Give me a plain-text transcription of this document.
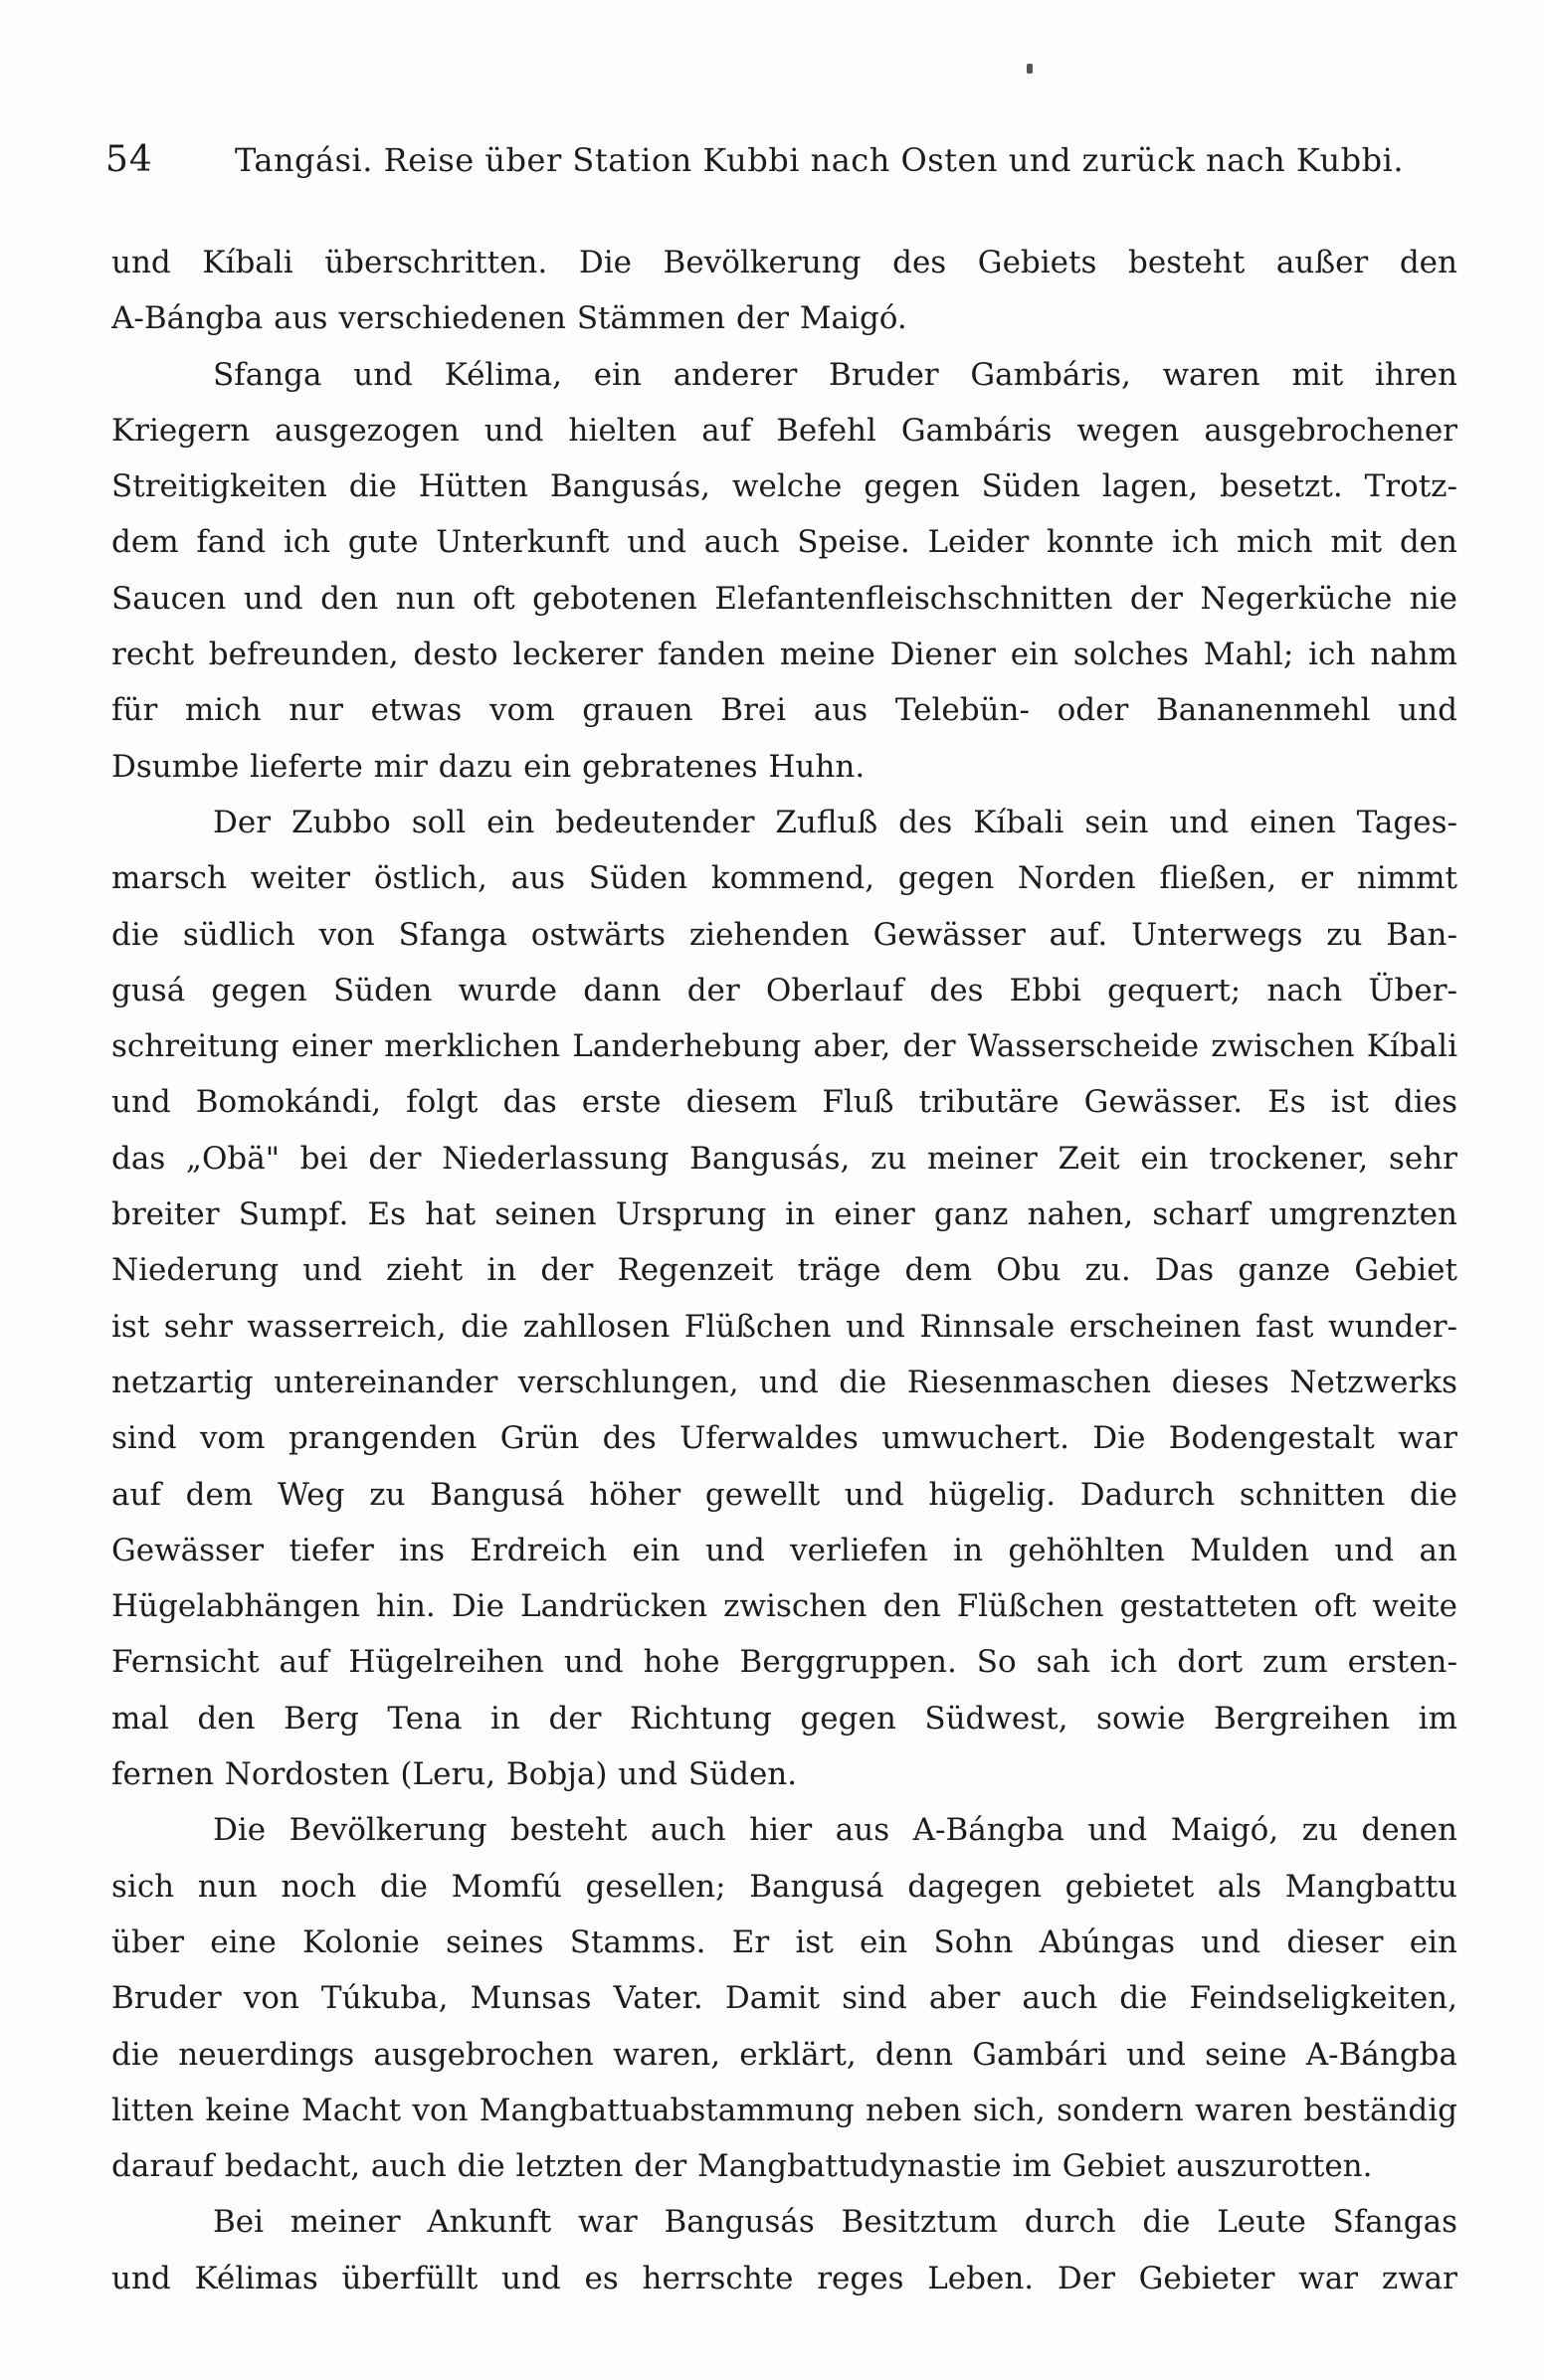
54	Tangási. Reise über Station Kubbi nach Osten und zurück nach Kubbi.
und Kíbali überschritten. Die Bevölkerung des Gebiets besteht außer den
A-Bángba aus verschiedenen Stämmen der Maigó.
Sfanga und Kélima, ein anderer Bruder Gambáris, waren mit ihren
Kriegern ausgezogen und hielten auf Befehl Gambáris wegen ausgebrochener
Streitigkeiten die Hütten Bangusás, welche gegen Süden lagen, besetzt. Trotz-
dem fand ich gute Unterkunft und auch Speise. Leider konnte ich mich mit den
Saucen und den nun oft gebotenen Elefantenfleischschnitten der Negerküche nie
recht befreunden, desto leckerer fanden meine Diener ein solches Mahl; ich nahm
für mich nur etwas vom grauen Brei aus Telebün- oder Bananenmehl und
Dsumbe lieferte mir dazu ein gebratenes Huhn.
Der Zubbo soll ein bedeutender Zufluß des Kíbali sein und einen Tages-
marsch weiter östlich, aus Süden kommend, gegen Norden fließen, er nimmt
die südlich von Sfanga ostwärts ziehenden Gewässer auf. Unterwegs zu Ban-
gusá gegen Süden wurde dann der Oberlauf des Ebbi gequert; nach Über-
schreitung einer merklichen Landerhebung aber, der Wasserscheide zwischen Kíbali
und Bomokándi, folgt das erste diesem Fluß tributäre Gewässer. Es ist dies
das „Obä" bei der Niederlassung Bangusás, zu meiner Zeit ein trockener, sehr
breiter Sumpf. Es hat seinen Ursprung in einer ganz nahen, scharf umgrenzten
Niederung und zieht in der Regenzeit träge dem Obu zu. Das ganze Gebiet
ist sehr wasserreich, die zahllosen Flüßchen und Rinnsale erscheinen fast wunder-
netzartig untereinander verschlungen, und die Riesenmaschen dieses Netzwerks
sind vom prangenden Grün des Uferwaldes umwuchert. Die Bodengestalt war
auf dem Weg zu Bangusá höher gewellt und hügelig. Dadurch schnitten die
Gewässer tiefer ins Erdreich ein und verliefen in gehöhlten Mulden und an
Hügelabhängen hin. Die Landrücken zwischen den Flüßchen gestatteten oft weite
Fernsicht auf Hügelreihen und hohe Berggruppen. So sah ich dort zum ersten-
mal den Berg Tena in der Richtung gegen Südwest, sowie Bergreihen im
fernen Nordosten (Leru, Bobja) und Süden.
Die Bevölkerung besteht auch hier aus A-Bángba und Maigó, zu denen
sich nun noch die Momfú gesellen; Bangusá dagegen gebietet als Mangbattu
über eine Kolonie seines Stamms. Er ist ein Sohn Abúngas und dieser ein
Bruder von Túkuba, Munsas Vater. Damit sind aber auch die Feindseligkeiten,
die neuerdings ausgebrochen waren, erklärt, denn Gambári und seine A-Bángba
litten keine Macht von Mangbattuabstammung neben sich, sondern waren beständig
darauf bedacht, auch die letzten der Mangbattudynastie im Gebiet auszurotten.
Bei meiner Ankunft war Bangusás Besitztum durch die Leute Sfangas
und Kélimas überfüllt und es herrschte reges Leben. Der Gebieter war zwar
